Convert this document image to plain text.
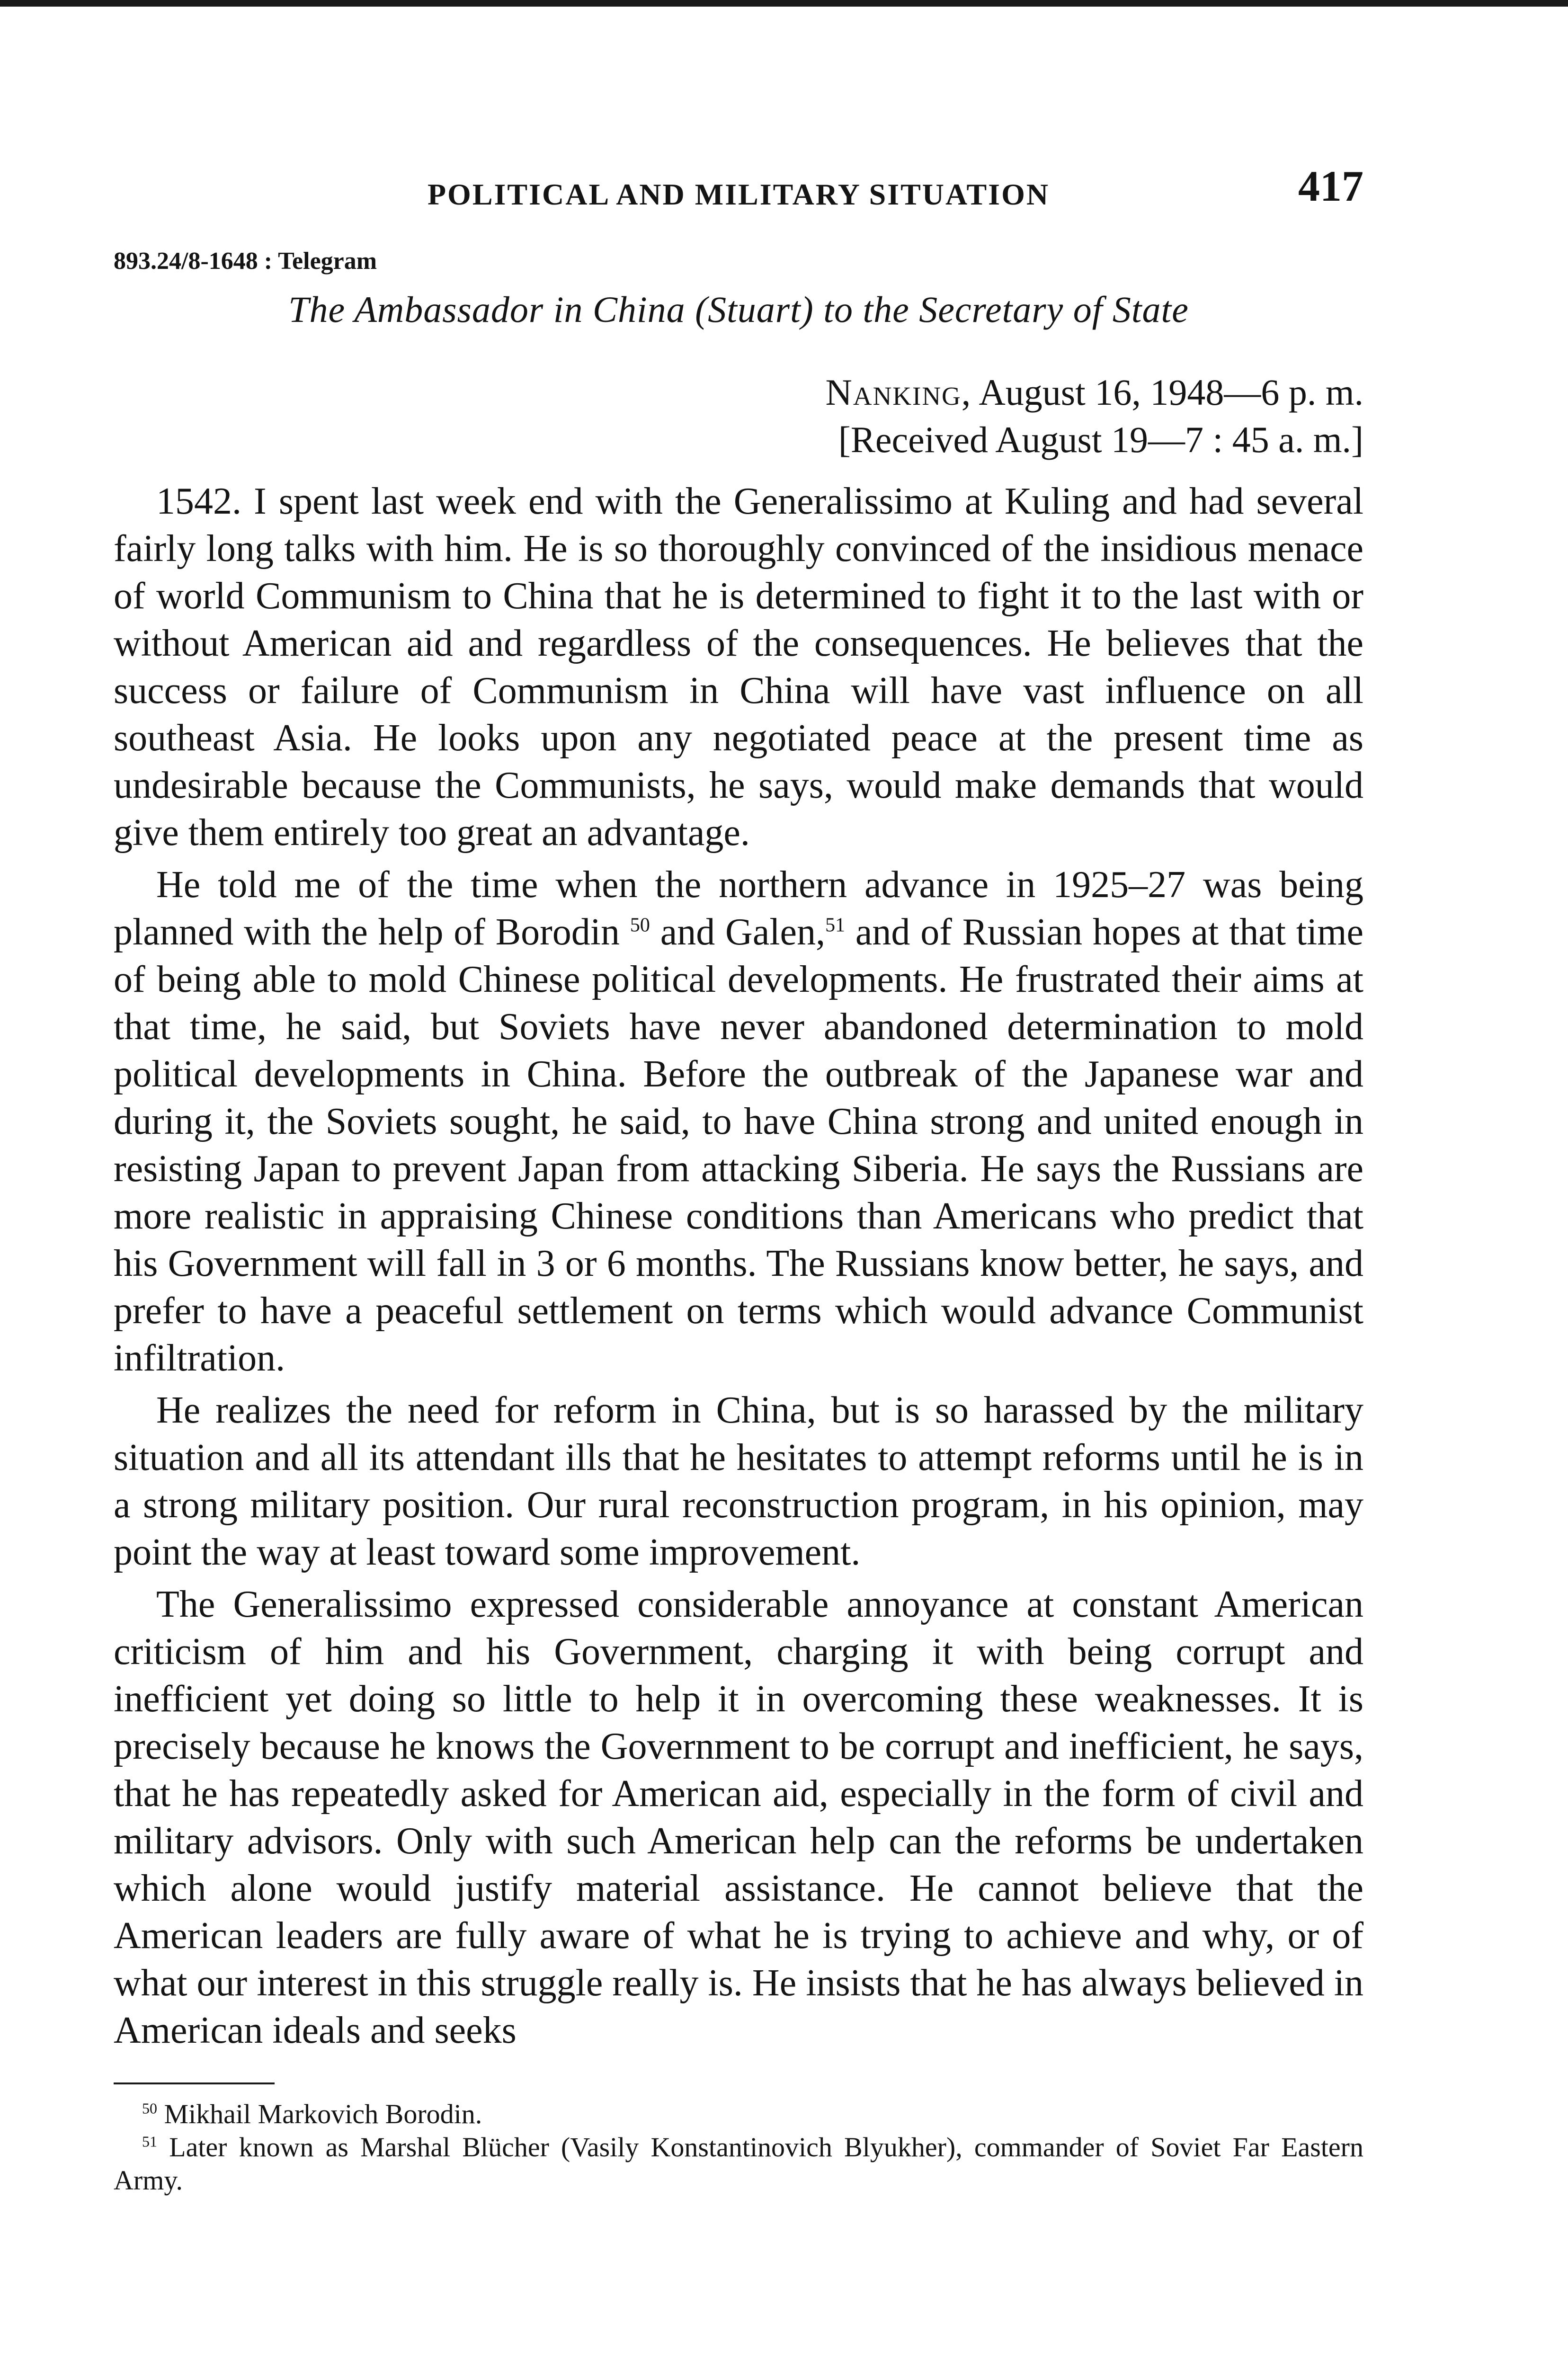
POLITICAL AND MILITARY SITUATION	417
893.24/8-1648 : Telegram
The Ambassador in China (Stuart) to the Secretary of State
Nanking, August 16, 1948—6 p. m.
[Received August 19—7 : 45 a. m.]

1542. I spent last week end with the Generalissimo at Kuling and had several fairly long talks with him. He is so thoroughly convinced of the insidious menace of world Communism to China that he is determined to fight it to the last with or without American aid and regardless of the consequences. He believes that the success or failure of Communism in China will have vast influence on all southeast Asia. He looks upon any negotiated peace at the present time as undesirable because the Communists, he says, would make demands that would give them entirely too great an advantage.

He told me of the time when the northern advance in 1925–27 was being planned with the help of Borodin $^{50}$ and Galen,$^{51}$ and of Russian hopes at that time of being able to mold Chinese political developments. He frustrated their aims at that time, he said, but Soviets have never abandoned determination to mold political developments in China. Before the outbreak of the Japanese war and during it, the Soviets sought, he said, to have China strong and united enough in resisting Japan to prevent Japan from attacking Siberia. He says the Russians are more realistic in appraising Chinese conditions than Americans who predict that his Government will fall in 3 or 6 months. The Russians know better, he says, and prefer to have a peaceful settlement on terms which would advance Communist infiltration.

He realizes the need for reform in China, but is so harassed by the military situation and all its attendant ills that he hesitates to attempt reforms until he is in a strong military position. Our rural reconstruction program, in his opinion, may point the way at least toward some improvement.

The Generalissimo expressed considerable annoyance at constant American criticism of him and his Government, charging it with being corrupt and inefficient yet doing so little to help it in overcoming these weaknesses. It is precisely because he knows the Government to be corrupt and inefficient, he says, that he has repeatedly asked for American aid, especially in the form of civil and military advisors. Only with such American help can the reforms be undertaken which alone would justify material assistance. He cannot believe that the American leaders are fully aware of what he is trying to achieve and why, or of what our interest in this struggle really is. He insists that he has always believed in American ideals and seeks

$^{50}$ Mikhail Markovich Borodin.

$^{51}$ Later known as Marshal Blücher (Vasily Konstantinovich Blyukher), commander of Soviet Far Eastern Army.
